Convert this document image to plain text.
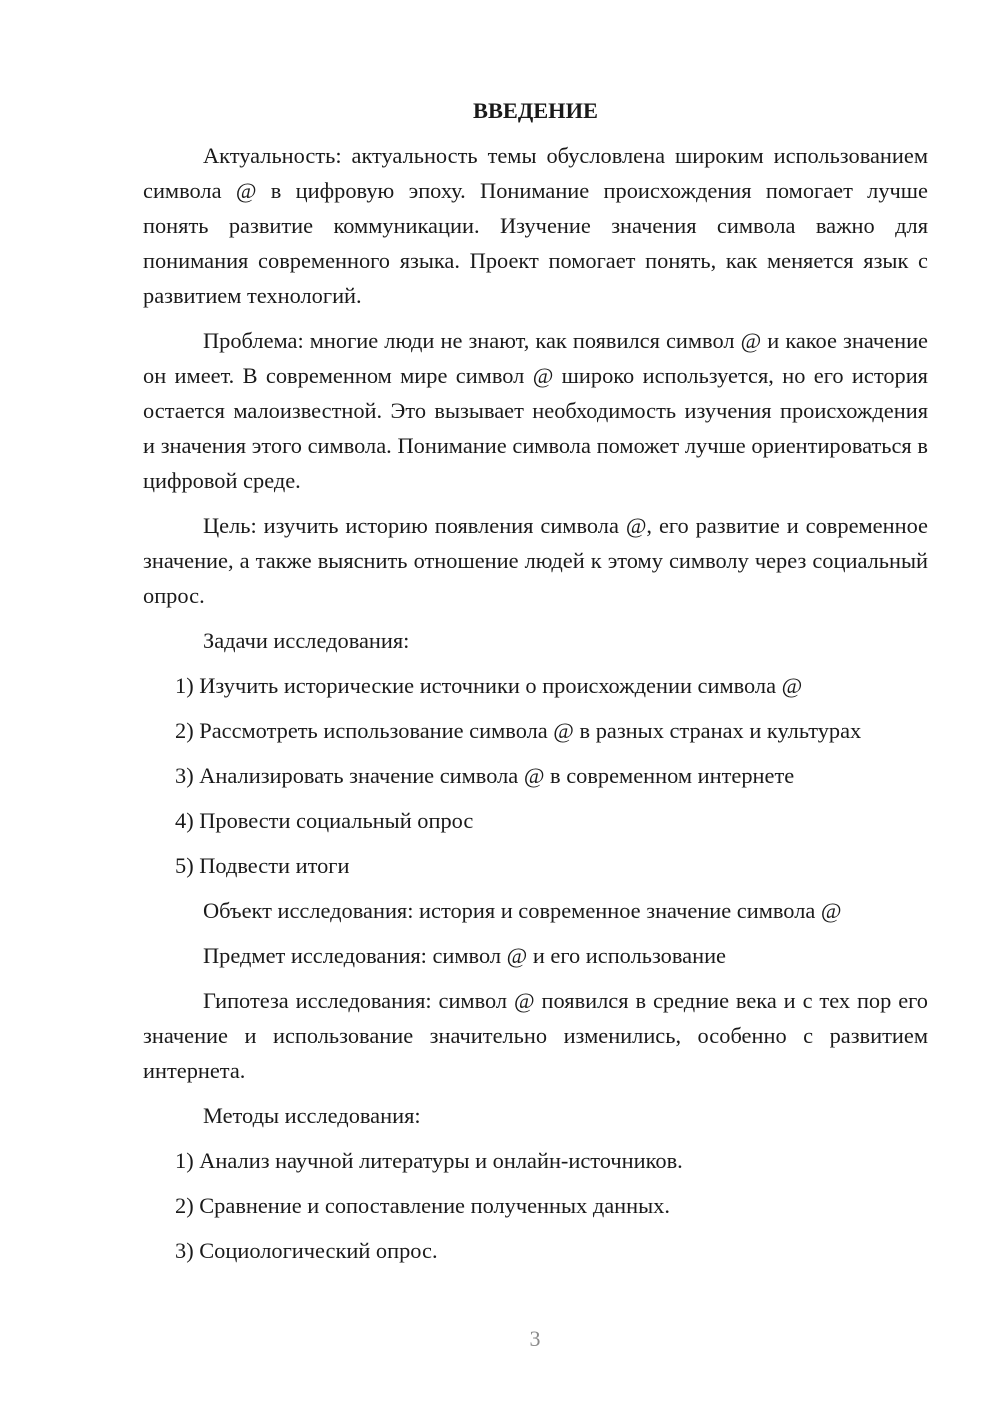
ВВЕДЕНИЕ

Актуальность: актуальность темы обусловлена широким использованием символа @ в цифровую эпоху. Понимание происхождения помогает лучше понять развитие коммуникации. Изучение значения символа важно для понимания современного языка. Проект помогает понять, как меняется язык с развитием технологий.

Проблема: многие люди не знают, как появился символ @ и какое значение он имеет. В современном мире символ @ широко используется, но его история остается малоизвестной. Это вызывает необходимость изучения происхождения и значения этого символа. Понимание символа поможет лучше ориентироваться в цифровой среде.

Цель: изучить историю появления символа @, его развитие и современное значение, а также выяснить отношение людей к этому символу через социальный опрос.

Задачи исследования:

1) Изучить исторические источники о происхождении символа @

2) Рассмотреть использование символа @ в разных странах и культурах

3) Анализировать значение символа @ в современном интернете

4) Провести социальный опрос

5) Подвести итоги

Объект исследования: история и современное значение символа @

Предмет исследования: символ @ и его использование

Гипотеза исследования: символ @ появился в средние века и с тех пор его значение и использование значительно изменились, особенно с развитием интернета.

Методы исследования:

1) Анализ научной литературы и онлайн-источников.

2) Сравнение и сопоставление полученных данных.

3) Социологический опрос.

3
